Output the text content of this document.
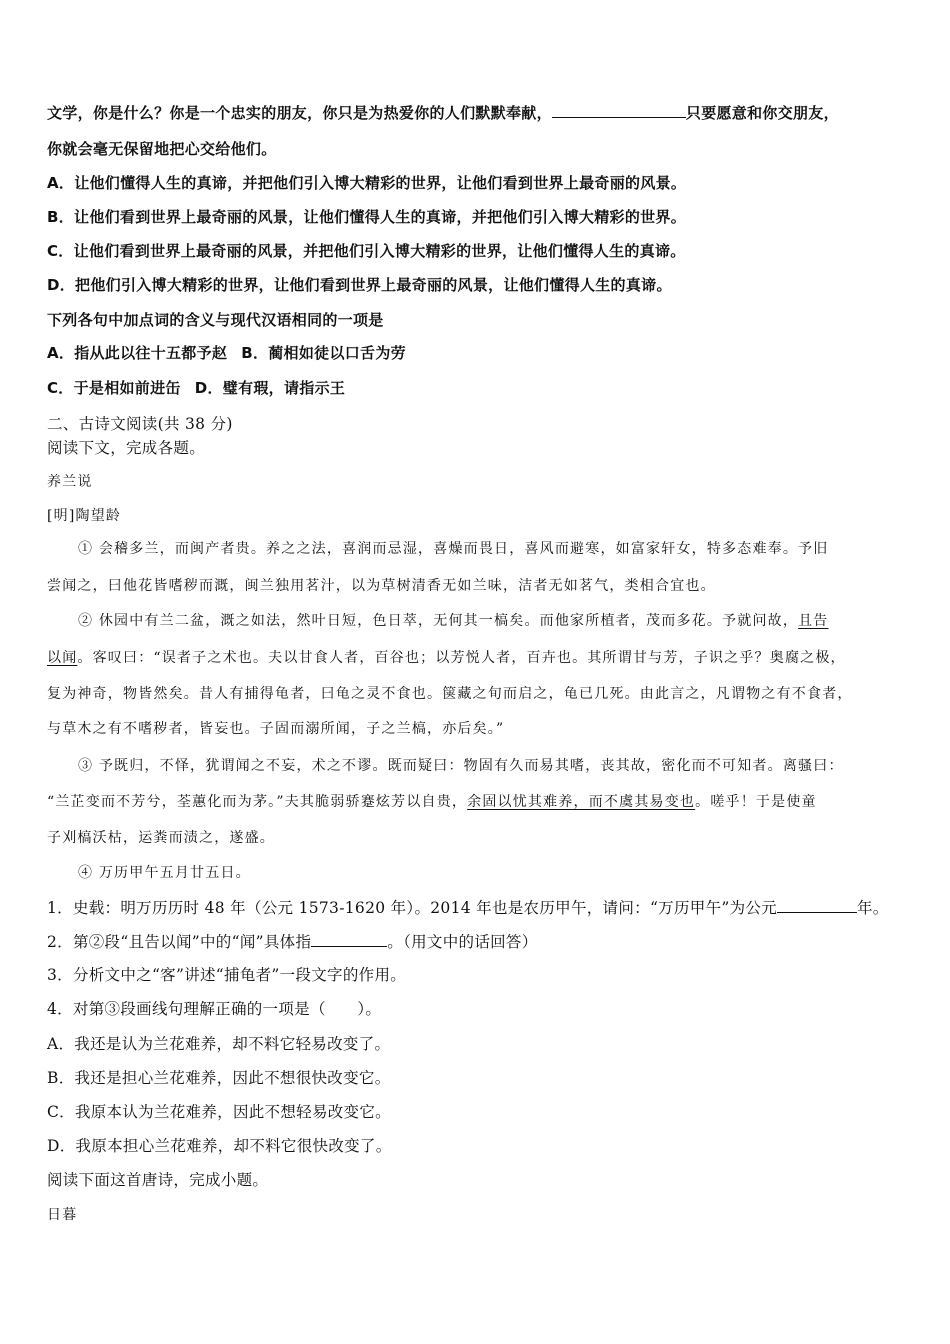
文学，你是什么？你是一个忠实的朋友，你只是为热爱你的人们默默奉献，	只要愿意和你交朋友，
你就会毫无保留地把心交给他们。
A．让他们懂得人生的真谛，并把他们引入博大精彩的世界，让他们看到世界上最奇丽的风景。
B．让他们看到世界上最奇丽的风景，让他们懂得人生的真谛，并把他们引入博大精彩的世界。
C．让他们看到世界上最奇丽的风景，并把他们引入博大精彩的世界，让他们懂得人生的真谛。
D．把他们引入博大精彩的世界，让他们看到世界上最奇丽的风景，让他们懂得人生的真谛。
下列各句中加点词的含义与现代汉语相同的一项是
A．指从此以往十五都予赵 B．蔺相如徒以口舌为劳
C．于是相如前进缶 D．璧有瑕，请指示王
二、古诗文阅读(共 38 分)
阅读下文，完成各题。
养兰说
[明]陶望龄
① 会稽多兰，而闽产者贵。养之之法，喜润而忌湿，喜燥而畏日，喜风而避寒，如富家轩女，特多态难奉。予旧
尝闻之，曰他花皆嗜秽而溉，闽兰独用茗汁，以为草树清香无如兰味，洁者无如茗气，类相合宜也。
② 休园中有兰二盆，溉之如法，然叶日短，色日萃，无何其一槁矣。而他家所植者，茂而多花。予就问故，且告
以闻。客叹曰：“误者子之术也。夫以甘食人者，百谷也；以芳悦人者，百卉也。其所谓甘与芳，子识之乎？奥腐之极，
复为神奇，物皆然矣。昔人有捕得龟者，曰龟之灵不食也。箧藏之旬而启之，龟已几死。由此言之，凡谓物之有不食者，
与草木之有不嗜秽者，皆妄也。子固而溺所闻，子之兰槁，亦后矣。”
③ 予既归，不怿，犹谓闻之不妄，术之不谬。既而疑曰：物固有久而易其嗜，丧其故，密化而不可知者。离骚曰：
“兰芷变而不芳兮，荃蕙化而为茅。”夫其脆弱骄蹇炫芳以自贵，余固以忧其难养，而不虞其易变也。嗟乎！于是使童
子刈槁沃枯，运粪而渍之，遂盛。
④ 万历甲午五月廿五日。
1．史载：明万历历时 48 年（公元 1573-1620 年）。2014 年也是农历甲午，请问：“万历甲午”为公元	年。
2．第②段“且告以闻”中的“闻”具体指	。（用文中的话回答）
3．分析文中之“客”讲述“捕龟者”一段文字的作用。
4．对第③段画线句理解正确的一项是（　　）。
A．我还是认为兰花难养，却不料它轻易改变了。
B．我还是担心兰花难养，因此不想很快改变它。
C．我原本认为兰花难养，因此不想轻易改变它。
D．我原本担心兰花难养，却不料它很快改变了。
阅读下面这首唐诗，完成小题。
日暮
